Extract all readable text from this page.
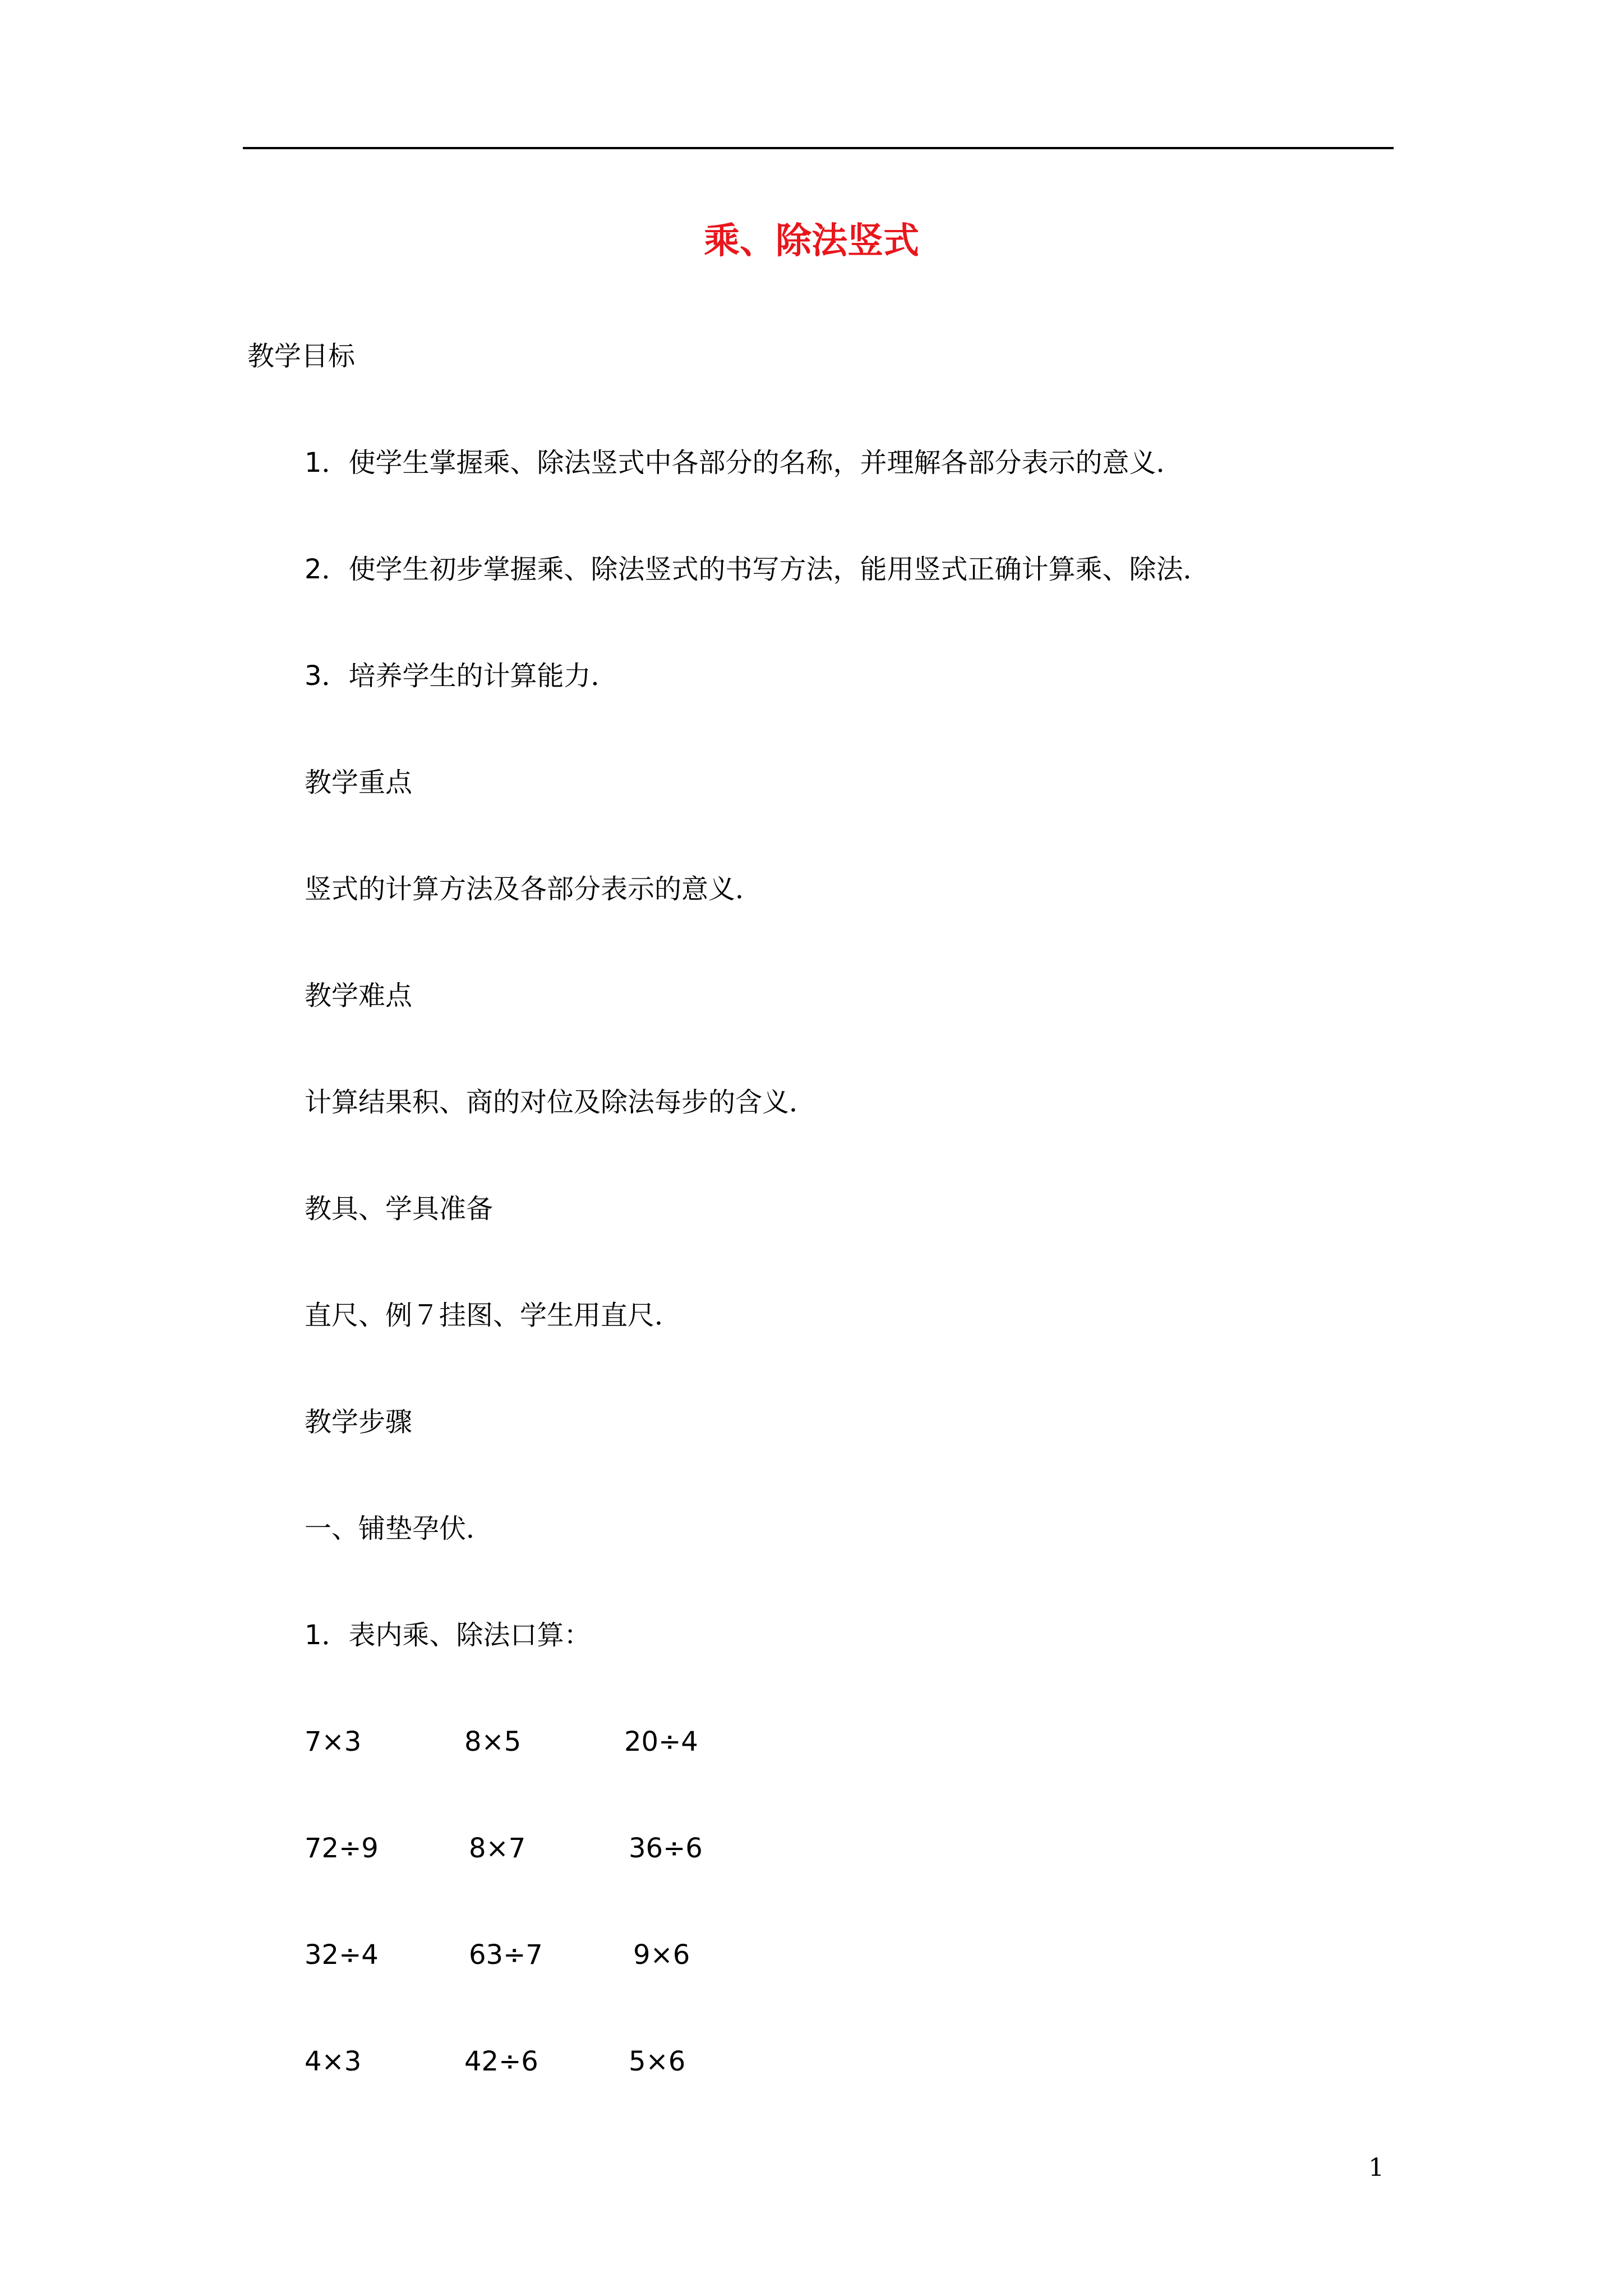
乘、除法竖式
教学目标
1．使学生掌握乘、除法竖式中各部分的名称，并理解各部分表示的意义．
2．使学生初步掌握乘、除法竖式的书写方法，能用竖式正确计算乘、除法．
3．培养学生的计算能力．
教学重点
竖式的计算方法及各部分表示的意义．
教学难点
计算结果积、商的对位及除法每步的含义．
教具、学具准备
直尺、例７挂图、学生用直尺．
教学步骤
一、铺垫孕伏．
1．表内乘、除法口算：
7×3	8×5	20÷4
72÷9	8×7	36÷6
32÷4	63÷7	9×6
4×3	42÷6	5×6
1
